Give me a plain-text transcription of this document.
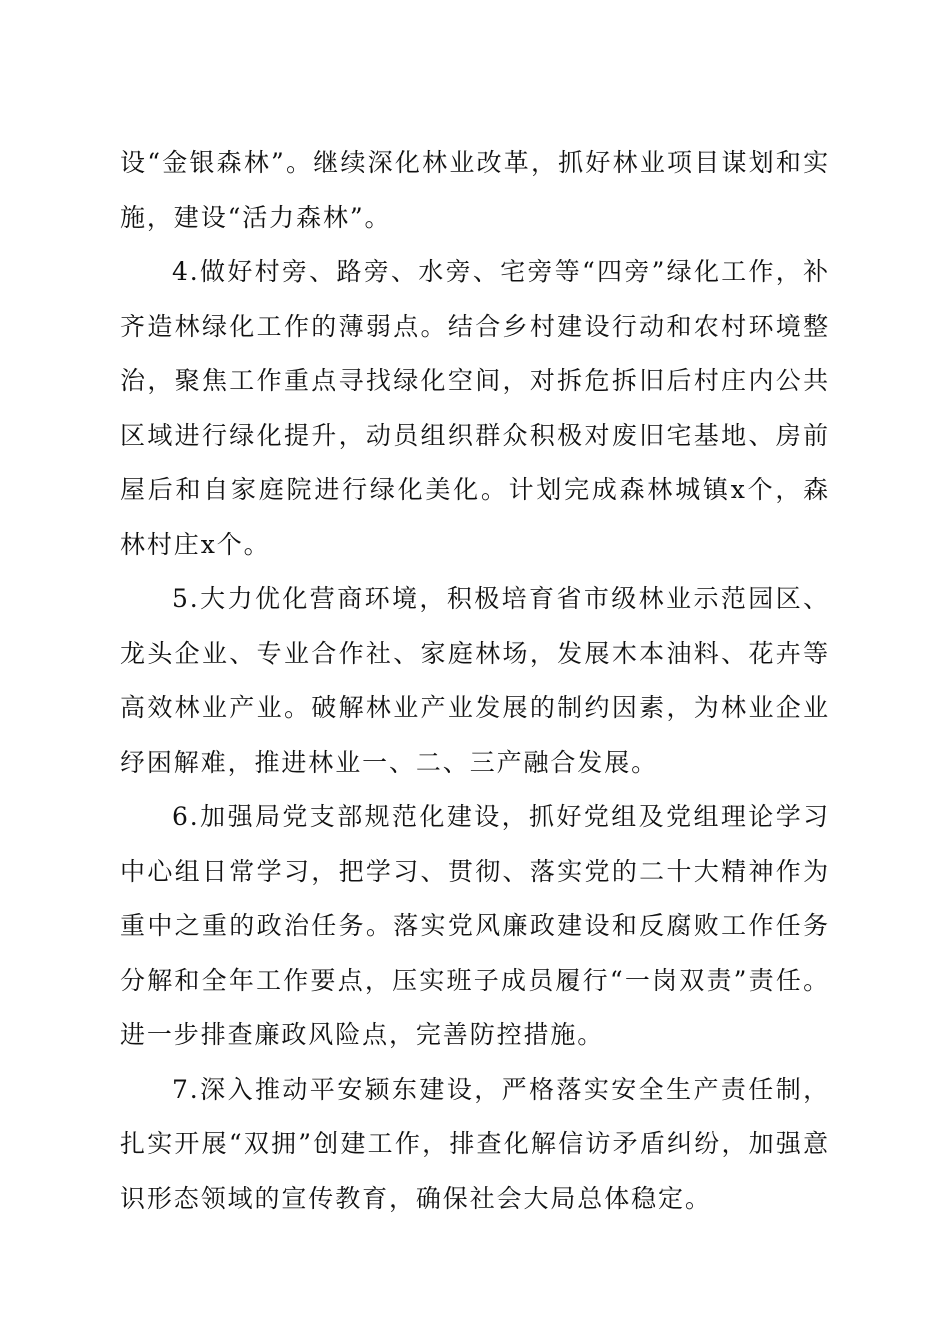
设“金银森林”。继续深化林业改革，抓好林业项目谋划和实施，建设“活力森林”。

4.做好村旁、路旁、水旁、宅旁等“四旁”绿化工作，补齐造林绿化工作的薄弱点。结合乡村建设行动和农村环境整治，聚焦工作重点寻找绿化空间，对拆危拆旧后村庄内公共区域进行绿化提升，动员组织群众积极对废旧宅基地、房前屋后和自家庭院进行绿化美化。计划完成森林城镇x个，森林村庄x个。

5.大力优化营商环境，积极培育省市级林业示范园区、龙头企业、专业合作社、家庭林场，发展木本油料、花卉等高效林业产业。破解林业产业发展的制约因素，为林业企业纾困解难，推进林业一、二、三产融合发展。

6.加强局党支部规范化建设，抓好党组及党组理论学习中心组日常学习，把学习、贯彻、落实党的二十大精神作为重中之重的政治任务。落实党风廉政建设和反腐败工作任务分解和全年工作要点，压实班子成员履行“一岗双责”责任。进一步排查廉政风险点，完善防控措施。

7.深入推动平安颍东建设，严格落实安全生产责任制，扎实开展“双拥”创建工作，排查化解信访矛盾纠纷，加强意识形态领域的宣传教育，确保社会大局总体稳定。
